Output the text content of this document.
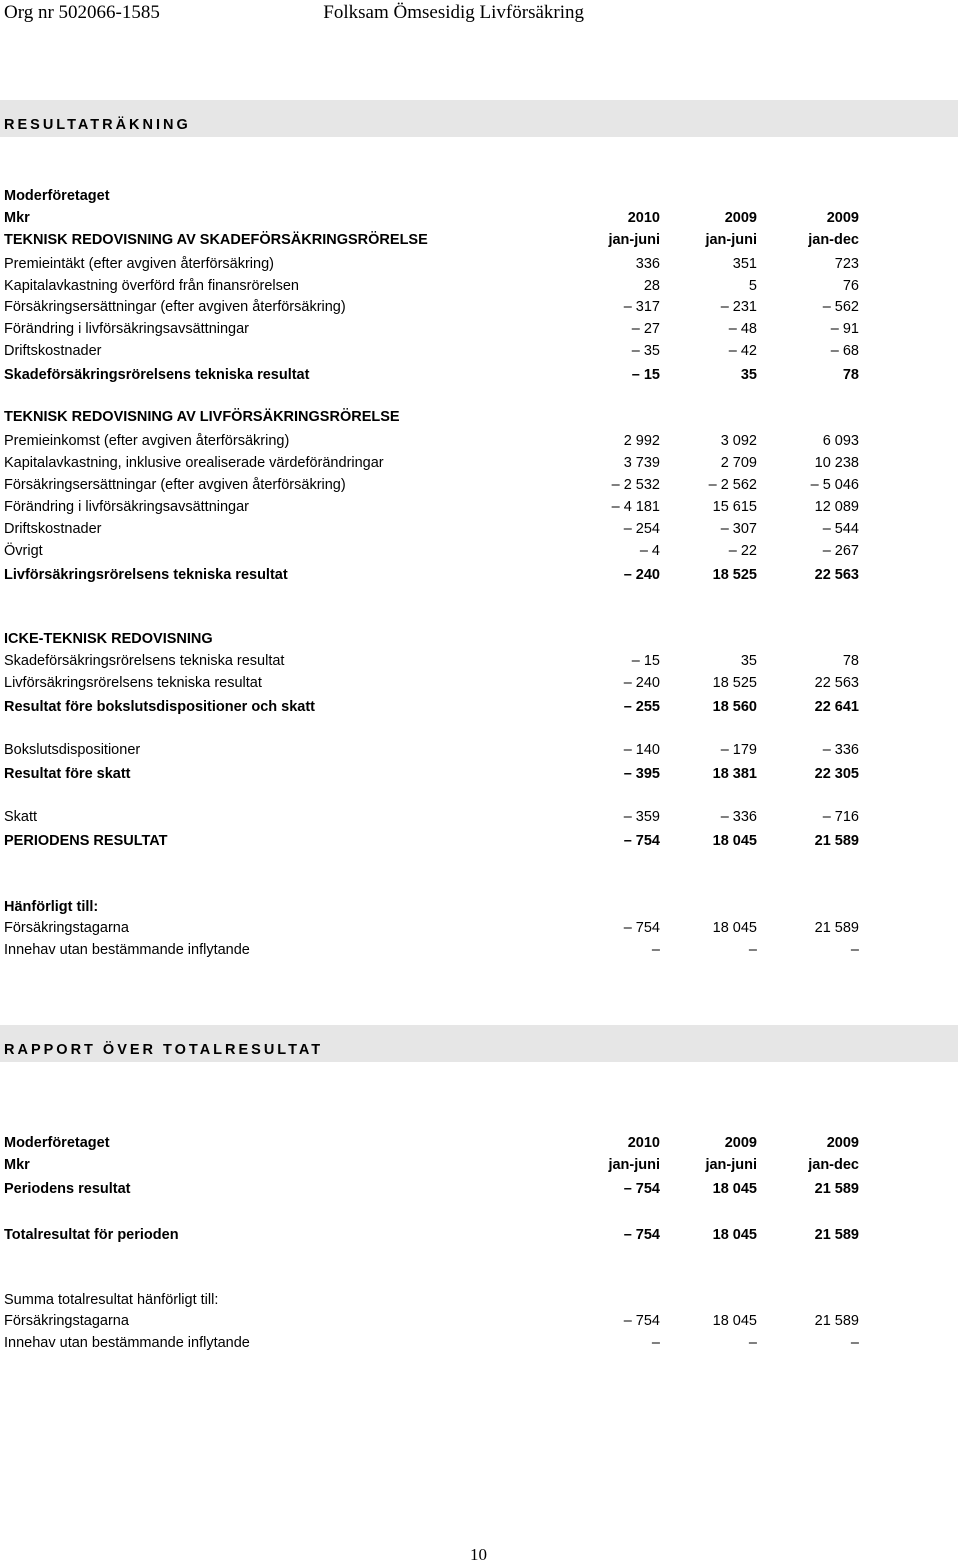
Org nr 502066-1585	Folksam Ömsesidig Livförsäkring
RESULTATRÄKNING
Moderföretaget
Mkr	2010	2009	2009
TEKNISK REDOVISNING AV SKADEFÖRSÄKRINGSRÖRELSE	jan-juni	jan-juni	jan-dec
Premieintäkt (efter avgiven återförsäkring)	336	351	723
Kapitalavkastning överförd från finansrörelsen	28	5	76
Försäkringsersättningar (efter avgiven återförsäkring)	– 317	– 231	– 562
Förändring i livförsäkringsavsättningar	– 27	– 48	– 91
Driftskostnader	– 35	– 42	– 68
Skadeförsäkringsrörelsens tekniska resultat	– 15	35	78
TEKNISK REDOVISNING AV LIVFÖRSÄKRINGSRÖRELSE
Premieinkomst (efter avgiven återförsäkring)	2 992	3 092	6 093
Kapitalavkastning, inklusive orealiserade värdeförändringar	3 739	2 709	10 238
Försäkringsersättningar (efter avgiven återförsäkring)	– 2 532	– 2 562	– 5 046
Förändring i livförsäkringsavsättningar	– 4 181	15 615	12 089
Driftskostnader	– 254	– 307	– 544
Övrigt	– 4	– 22	– 267
Livförsäkringsrörelsens tekniska resultat	– 240	18 525	22 563
ICKE-TEKNISK REDOVISNING
Skadeförsäkringsrörelsens tekniska resultat	– 15	35	78
Livförsäkringsrörelsens tekniska resultat	– 240	18 525	22 563
Resultat före bokslutsdispositioner och skatt	– 255	18 560	22 641
Bokslutsdispositioner	– 140	– 179	– 336
Resultat före skatt	– 395	18 381	22 305
Skatt	– 359	– 336	– 716
PERIODENS RESULTAT	– 754	18 045	21 589
Hänförligt till:
Försäkringstagarna	– 754	18 045	21 589
Innehav utan bestämmande inflytande	–	–	–
RAPPORT ÖVER TOTALRESULTAT
Moderföretaget	2010	2009	2009
Mkr	jan-juni	jan-juni	jan-dec
Periodens resultat	– 754	18 045	21 589
Totalresultat för perioden	– 754	18 045	21 589
Summa totalresultat hänförligt till:
Försäkringstagarna	– 754	18 045	21 589
Innehav utan bestämmande inflytande	–	–	–
10
